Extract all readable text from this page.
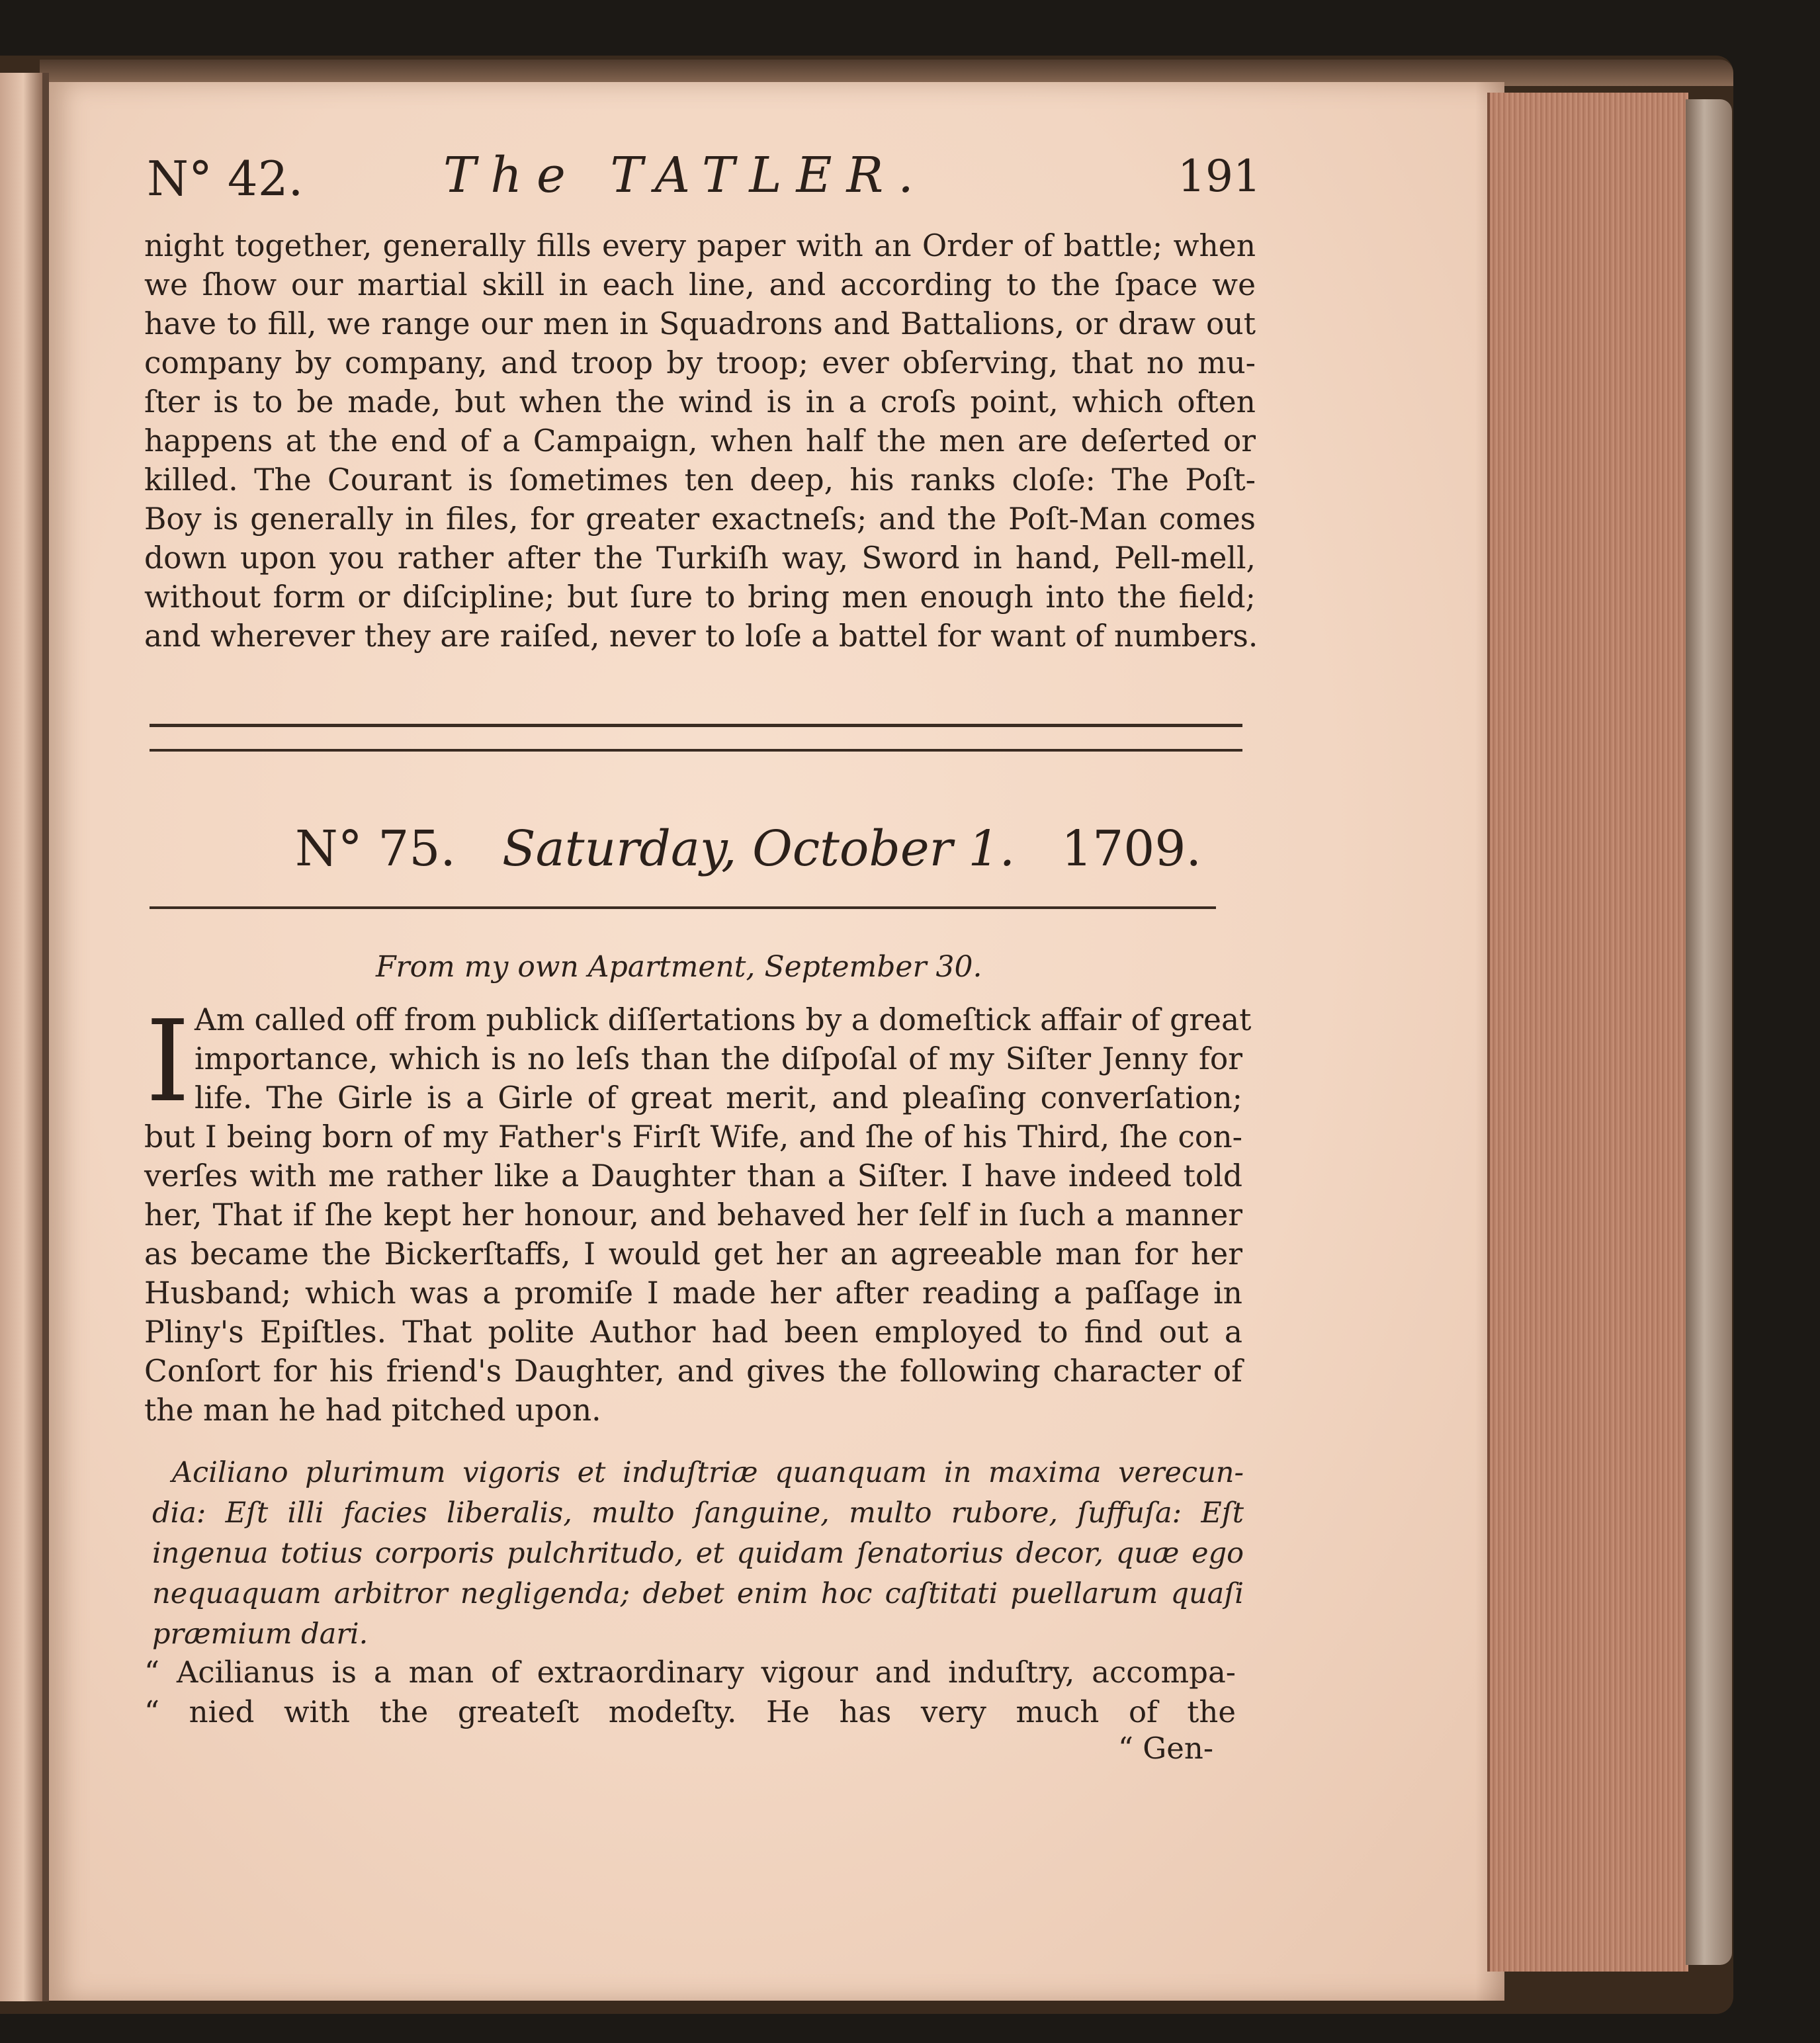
N° 42.	The TATLER.	191
night together, generally fills every paper with an Order of battle; when
we ſhow our martial skill in each line, and according to the ſpace we
have to fill, we range our men in Squadrons and Battalions, or draw out
company by company, and troop by troop; ever obſerving, that no mu-
ſter is to be made, but when the wind is in a croſs point, which often
happens at the end of a Campaign, when half the men are deſerted or
killed. The Courant is ſometimes ten deep, his ranks cloſe: The Poſt-
Boy is generally in files, for greater exactneſs; and the Poſt-Man comes
down upon you rather after the Turkiſh way, Sword in hand, Pell-mell,
without form or diſcipline; but ſure to bring men enough into the field;
and wherever they are raiſed, never to loſe a battel for want of numbers.
N° 75. Saturday, October 1. 1709.
From my own Apartment, September 30.
I Am called off from publick diſſertations by a domeſtick affair of great
importance, which is no leſs than the diſpoſal of my Siſter Jenny for
life. The Girle is a Girle of great merit, and pleaſing converſation;
but I being born of my Father's Firſt Wife, and ſhe of his Third, ſhe con-
verſes with me rather like a Daughter than a Siſter. I have indeed told
her, That if ſhe kept her honour, and behaved her ſelf in ſuch a manner
as became the Bickerſtaffs, I would get her an agreeable man for her
Husband; which was a promiſe I made her after reading a paſſage in
Pliny's Epiſtles. That polite Author had been employed to find out a
Conſort for his friend's Daughter, and gives the following character of
the man he had pitched upon.
Aciliano plurimum vigoris et induſtriæ quanquam in maxima verecun-
dia: Eſt illi facies liberalis, multo ſanguine, multo rubore, ſuffuſa: Eſt
ingenua totius corporis pulchritudo, et quidam ſenatorius decor, quæ ego
nequaquam arbitror negligenda; debet enim hoc caſtitati puellarum quaſi
præmium dari.
“ Acilianus is a man of extraordinary vigour and induſtry, accompa-
“ nied with the greateſt modeſty. He has very much of the
“ Gen-
